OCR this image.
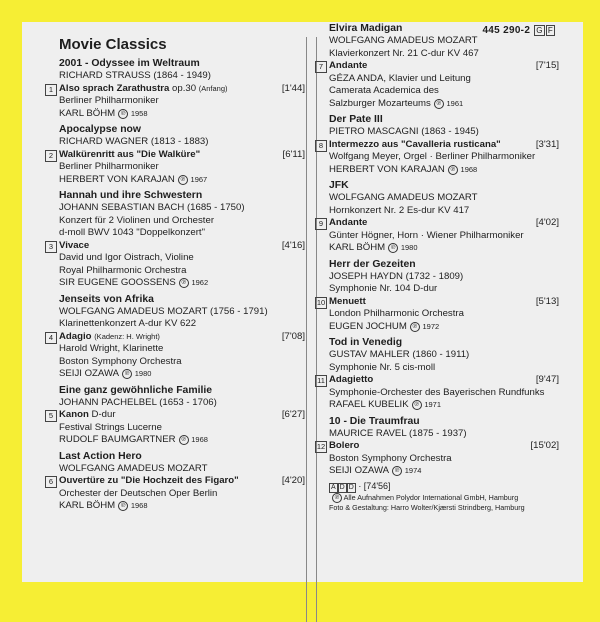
445 290-2 G F
Movie Classics
2001 - Odyssee im Weltraum
RICHARD STRAUSS (1864 - 1949)
1 Also sprach Zarathustra op.30 (Anfang)	[1'44]
Berliner Philharmoniker
KARL BÖHM ℗ 1958
Apocalypse now
RICHARD WAGNER (1813 - 1883)
2 Walkürenritt aus "Die Walküre"	[6'11]
Berliner Philharmoniker
HERBERT VON KARAJAN ℗ 1967
Hannah und ihre Schwestern
JOHANN SEBASTIAN BACH (1685 - 1750)
Konzert für 2 Violinen und Orchester
d-moll BWV 1043 "Doppelkonzert"
3 Vivace	[4'16]
David und Igor Oistrach, Violine
Royal Philharmonic Orchestra
SIR EUGENE GOOSSENS ℗ 1962
Jenseits von Afrika
WOLFGANG AMADEUS MOZART (1756 - 1791)
Klarinettenkonzert A-dur KV 622
4 Adagio (Kadenz: H. Wright)	[7'08]
Harold Wright, Klarinette
Boston Symphony Orchestra
SEIJI OZAWA ℗ 1980
Eine ganz gewöhnliche Familie
JOHANN PACHELBEL (1653 - 1706)
5 Kanon D-dur	[6'27]
Festival Strings Lucerne
RUDOLF BAUMGARTNER ℗ 1968
Last Action Hero
WOLFGANG AMADEUS MOZART
6 Ouvertüre zu "Die Hochzeit des Figaro"	[4'20]
Orchester der Deutschen Oper Berlin
KARL BÖHM ℗ 1968
Elvira Madigan
WOLFGANG AMADEUS MOZART
Klavierkonzert Nr. 21 C-dur KV 467
7 Andante	[7'15]
GÉZA ANDA, Klavier und Leitung
Camerata Academica des
Salzburger Mozarteums ℗ 1961
Der Pate III
PIETRO MASCAGNI (1863 - 1945)
8 Intermezzo aus "Cavalleria rusticana"	[3'31]
Wolfgang Meyer, Orgel · Berliner Philharmoniker
HERBERT VON KARAJAN ℗ 1968
JFK
WOLFGANG AMADEUS MOZART
Hornkonzert Nr. 2 Es-dur KV 417
9 Andante	[4'02]
Günter Högner, Horn · Wiener Philharmoniker
KARL BÖHM ℗ 1980
Herr der Gezeiten
JOSEPH HAYDN (1732 - 1809)
Symphonie Nr. 104 D-dur
10 Menuett	[5'13]
London Philharmonic Orchestra
EUGEN JOCHUM ℗ 1972
Tod in Venedig
GUSTAV MAHLER (1860 - 1911)
Symphonie Nr. 5 cis-moll
11 Adagietto	[9'47]
Symphonie-Orchester des Bayerischen Rundfunks
RAFAEL KUBELIK ℗ 1971
10 - Die Traumfrau
MAURICE RAVEL (1875 - 1937)
12 Bolero	[15'02]
Boston Symphony Orchestra
SEIJI OZAWA ℗ 1974
A D D · [74'56]
℗ Alle Aufnahmen Polydor International GmbH, Hamburg
Foto & Gestaltung: Harro Wolter/Kjærsti Strindberg, Hamburg
